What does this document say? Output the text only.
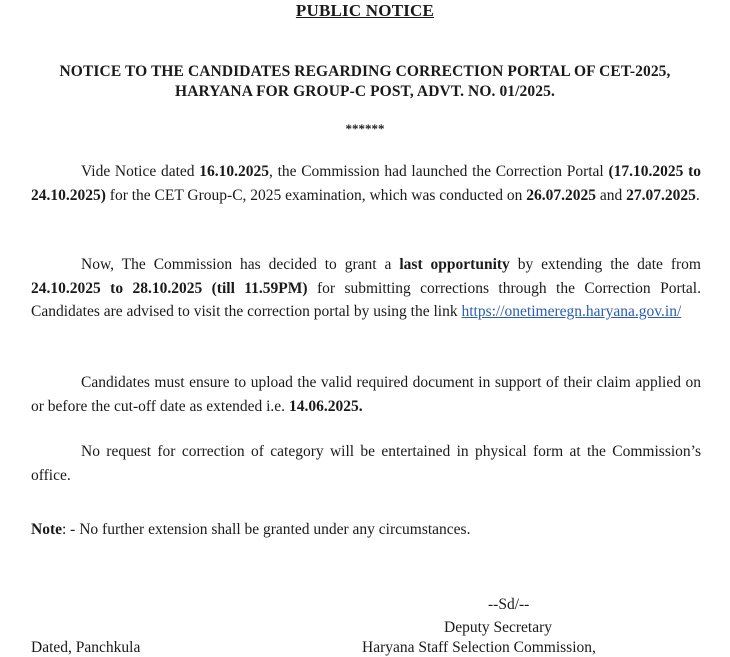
PUBLIC NOTICE
NOTICE TO THE CANDIDATES REGARDING CORRECTION PORTAL OF CET-2025,
HARYANA FOR GROUP-C POST, ADVT. NO. 01/2025.
******

Vide Notice dated 16.10.2025, the Commission had launched the Correction Portal (17.10.2025 to 24.10.2025) for the CET Group-C, 2025 examination, which was conducted on 26.07.2025 and 27.07.2025.

Now, The Commission has decided to grant a last opportunity by extending the date from 24.10.2025 to 28.10.2025 (till 11.59PM) for submitting corrections through the Correction Portal. Candidates are advised to visit the correction portal by using the link https://onetimeregn.haryana.gov.in/

Candidates must ensure to upload the valid required document in support of their claim applied on or before the cut-off date as extended i.e. 14.06.2025.

No request for correction of category will be entertained in physical form at the Commission’s office.

Note: - No further extension shall be granted under any circumstances.

--Sd/--
Deputy Secretary
Haryana Staff Selection Commission,
Dated, Panchkula
